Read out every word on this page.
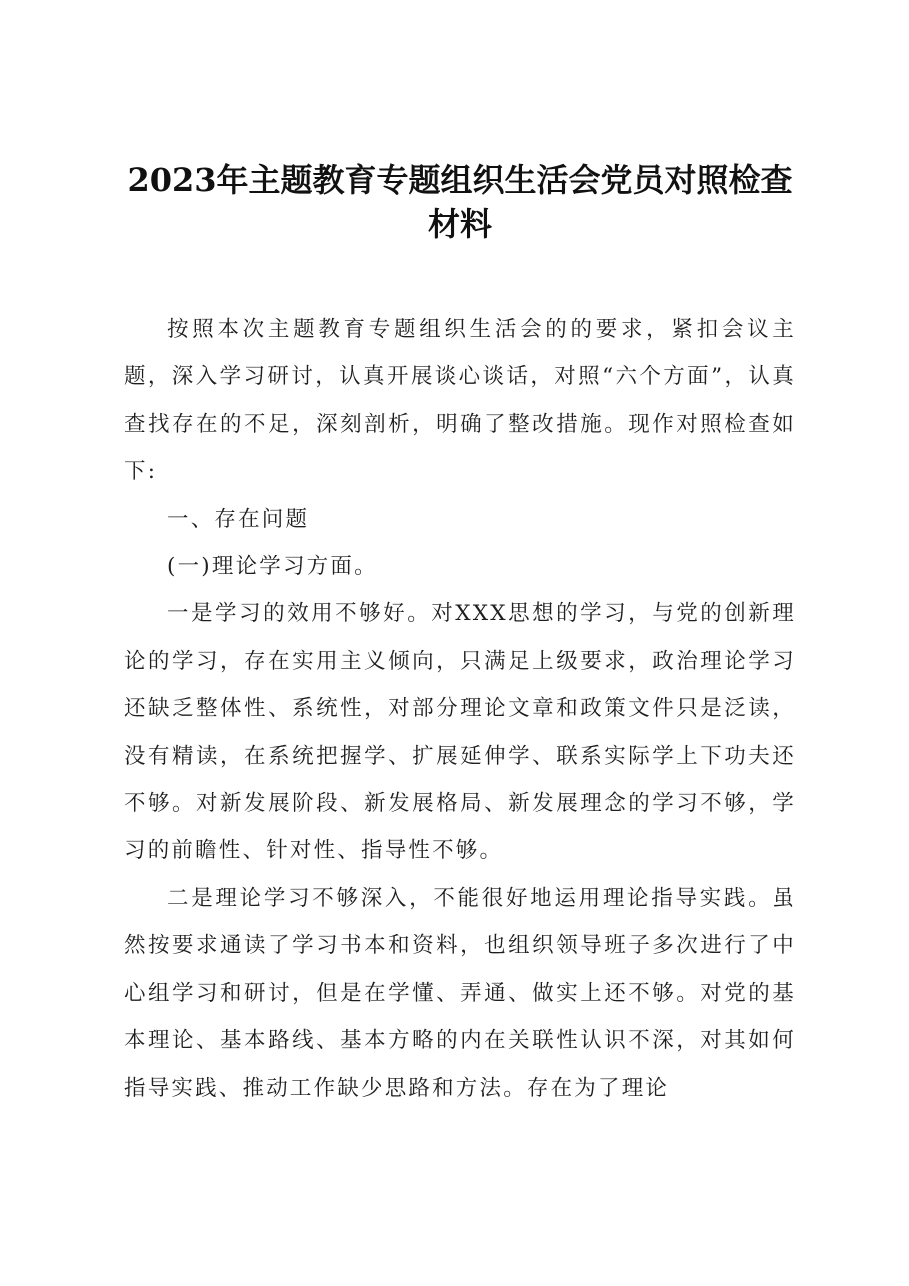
2023年主题教育专题组织生活会党员对照检查材料

按照本次主题教育专题组织生活会的的要求，紧扣会议主题，深入学习研讨，认真开展谈心谈话，对照“六个方面”，认真查找存在的不足，深刻剖析，明确了整改措施。现作对照检查如下:

一、存在问题

(一)理论学习方面。

一是学习的效用不够好。对XXX思想的学习，与党的创新理论的学习，存在实用主义倾向，只满足上级要求，政治理论学习还缺乏整体性、系统性，对部分理论文章和政策文件只是泛读，没有精读，在系统把握学、扩展延伸学、联系实际学上下功夫还不够。对新发展阶段、新发展格局、新发展理念的学习不够，学习的前瞻性、针对性、指导性不够。

二是理论学习不够深入，不能很好地运用理论指导实践。虽然按要求通读了学习书本和资料，也组织领导班子多次进行了中心组学习和研讨，但是在学懂、弄通、做实上还不够。对党的基本理论、基本路线、基本方略的内在关联性认识不深，对其如何指导实践、推动工作缺少思路和方法。存在为了理论
